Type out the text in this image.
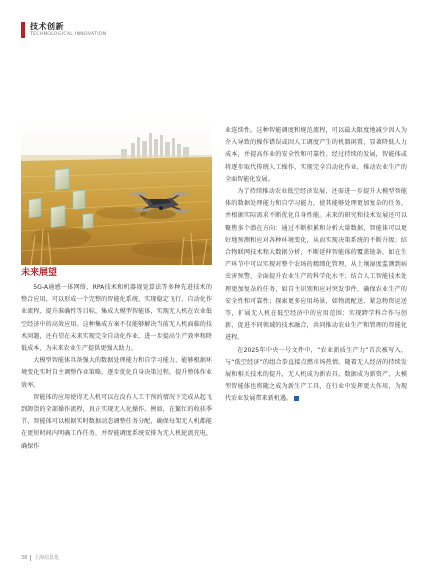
技术创新
TECHNOLOGICAL INNOVATION
未来展望

5G-A通感一体网络、RPA技术和机器视觉算法等多种先进技术的整合应用，可以形成一个完整的智能化系统，实现稳定飞行、自动化作业流程、提升准确性等目标，集成大模型智能体，实现无人机在农业低空经济中的高效应用。这种集成方案不仅能够解决当前无人机面临的技术问题，还有望在未来实现完全自动化作业，进一步提高生产效率和降低成本，为未来农业生产提供更强大助力。

大模型智能体具备强大的数据处理能力和自学习能力，能够根据环境变化实时自主调整作业策略，逐步优化自身决策过程，提升整体作业效率。

智能体的应用使得无人机可以在没有人工干预的情况下完成从起飞到卸货的全部操作流程，真正实现无人化操作。例如，在繁忙的收获季节，智能体可以根据实时数据动态调整任务分配，确保每架无人机都能在更短时间内明确工作任务，并智能调度系统安排为无人机轮流充电，确保作

业连续性。这种智能调度和规范流程，可以最大限度地减少因人为介入导致的操作错误或因人工调度产生的机器闲置，显著降低人力成本，并提高作业的安全性和可靠性。经过持续的发展，智能体或将逐步取代传统人工操作，实现完全自动化作业，推动农业生产的全面智能化发展。

为了持续推动农业低空经济发展，还需进一步提升大模型智能体的数据处理能力和自学习能力，使其能够处理更加复杂的任务，并根据实际需求不断优化自身性能。未来的研究和技术发展还可以聚焦多个潜在方向：通过不断积累和分析大量数据，智能体可以更好地预测和应对各种环境变化，从而实现决策系统的不断升级；结合物联网技术和大数据分析，不断延伸智能体的覆盖链条，如在生产环节中可以实现对整个农场的精细化管理，从土壤湿度监测到病虫害预警，全面提升农业生产的科学化水平；结合人工智能技术处理更加复杂的任务，如自主识别和应对突发事件，确保农业生产的安全性和可靠性；探索更多应用场景，如物流配送、紧急物资运送等，扩展无人机在低空经济中的应用范围；实现跨学科合作与创新，促进不同领域的技术融合，共同推动农业生产和管理的智能化进程。

在2025年中央一号文件中，“农业新质生产力”首次被写入，与“低空经济”的组合拳直接点燃市场热情。随着无人经济的持续发展和相关技术的提升，无人机成为新农具，数据成为新资产，大模型智能体也将随之成为新生产工具，在行业中发挥更大作用，为现代农业发展带来新机遇。

38 上海信息化
